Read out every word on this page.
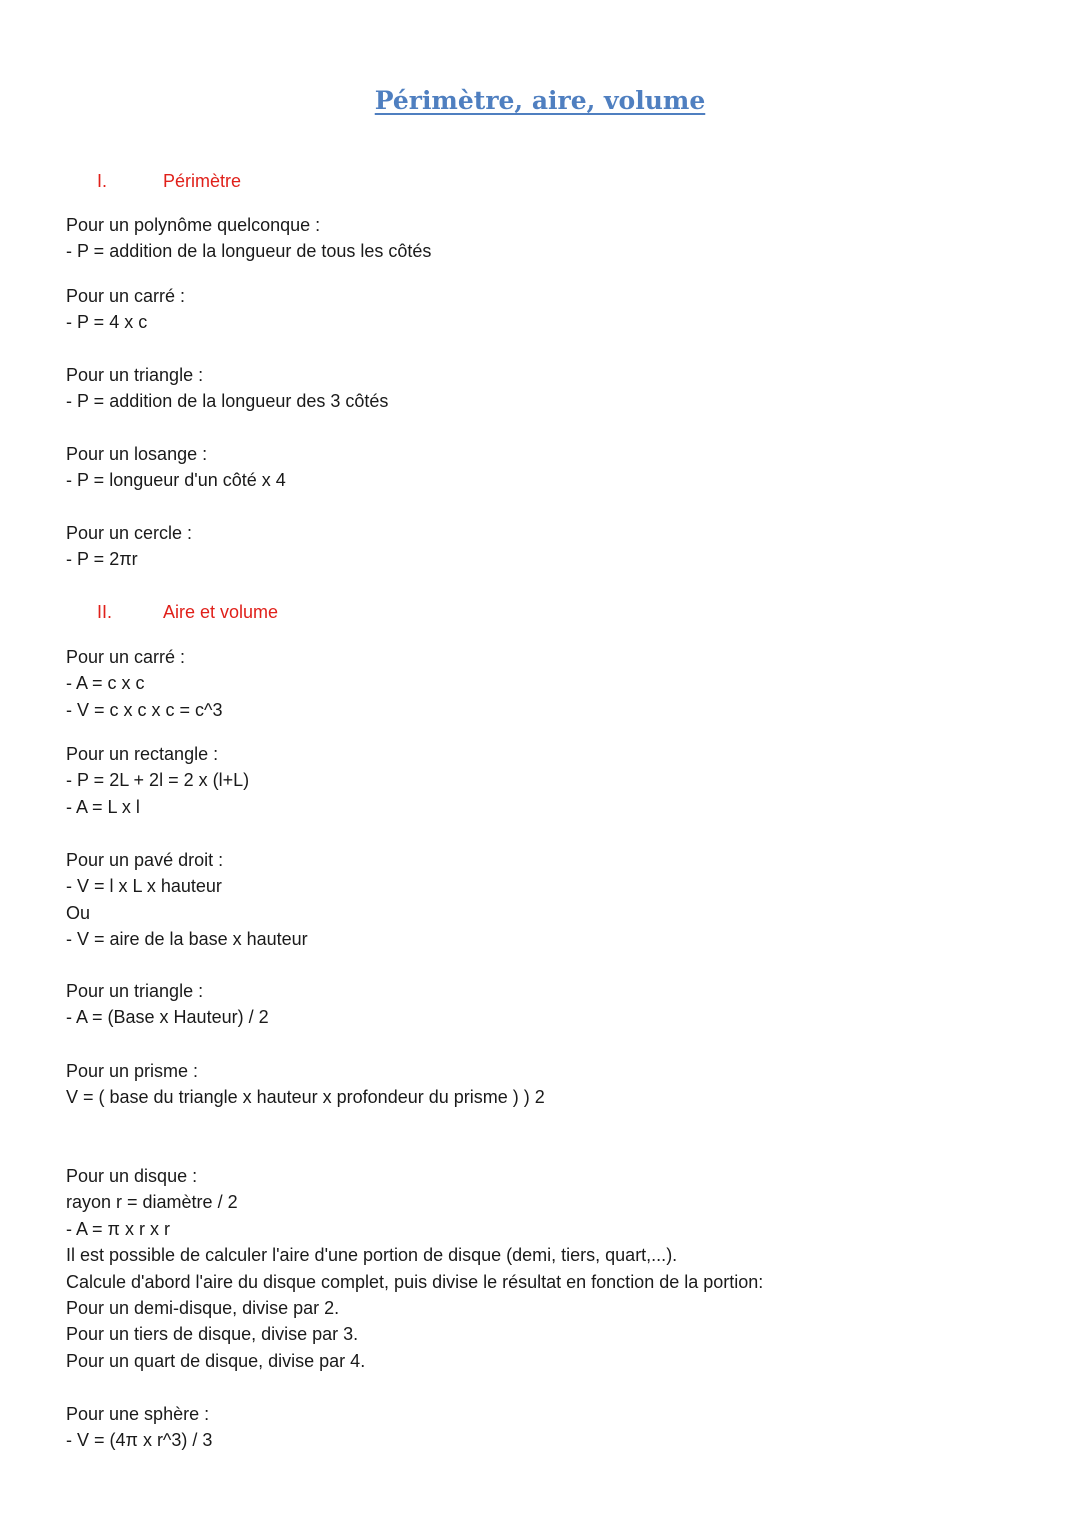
Périmètre, aire, volume
I.	Périmètre
Pour un polynôme quelconque :
- P = addition de la longueur de tous les côtés
Pour un carré :
- P = 4 x c
Pour un triangle :
- P = addition de la longueur des 3 côtés
Pour un losange :
- P = longueur d'un côté x 4
Pour un cercle :
- P = 2πr
II.	Aire et volume
Pour un carré :
- A = c x c
- V = c x c x c = c^3
Pour un rectangle :
- P = 2L + 2l = 2 x (l+L)
- A = L x l
Pour un pavé droit :
- V = l x L x hauteur
Ou
- V = aire de la base x hauteur
Pour un triangle :
- A = (Base x Hauteur) / 2
Pour un prisme :
V = ( base du triangle x hauteur x profondeur du prisme ) ) 2
Pour un disque :
rayon r = diamètre / 2
- A = π x r x r
Il est possible de calculer l'aire d'une portion de disque (demi, tiers, quart,...).
Calcule d'abord l'aire du disque complet, puis divise le résultat en fonction de la portion:
Pour un demi-disque, divise par 2.
Pour un tiers de disque, divise par 3.
Pour un quart de disque, divise par 4.
Pour une sphère :
- V = (4π x r^3) / 3
